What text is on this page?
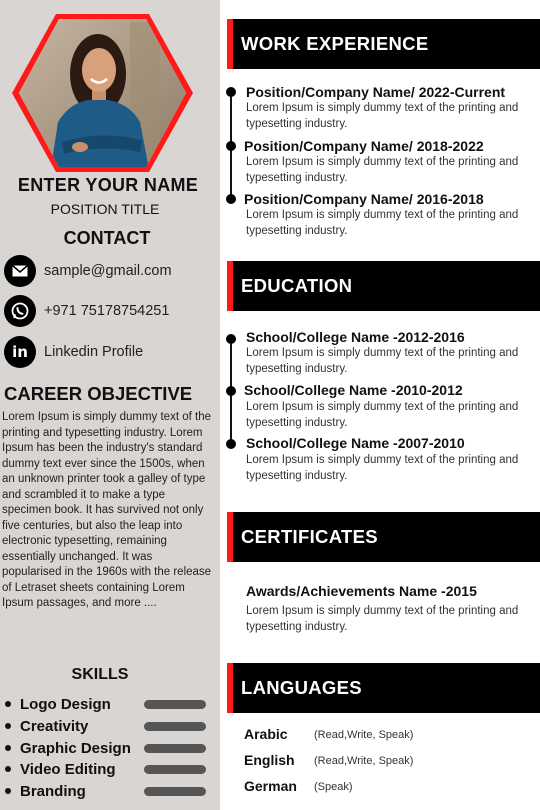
ENTER YOUR NAME
POSITION TITLE
CONTACT
sample@gmail.com
+971 75178754251
in	Linkedin Profile
CAREER OBJECTIVE
Lorem Ipsum is simply dummy text of the printing and typesetting industry. Lorem Ipsum has been the industry's standard dummy text ever since the 1500s, when an unknown printer took a galley of type and scrambled it to make a type specimen book. It has survived not only five centuries, but also the leap into electronic typesetting, remaining essentially unchanged. It was popularised in the 1960s with the release of Letraset sheets containing Lorem Ipsum passages, and more ....
SKILLS
Logo Design
Creativity
Graphic Design
Video Editing
Branding
WORK EXPERIENCE
Position/Company Name/ 2022-Current
Lorem Ipsum is simply dummy text of the printing and typesetting industry.
Position/Company Name/ 2018-2022
Lorem Ipsum is simply dummy text of the printing and typesetting industry.
Position/Company Name/ 2016-2018
Lorem Ipsum is simply dummy text of the printing and typesetting industry.
EDUCATION
School/College Name -2012-2016
Lorem Ipsum is simply dummy text of the printing and typesetting industry.
School/College Name -2010-2012
Lorem Ipsum is simply dummy text of the printing and typesetting industry.
School/College Name -2007-2010
Lorem Ipsum is simply dummy text of the printing and typesetting industry.
CERTIFICATES
Awards/Achievements Name -2015
Lorem Ipsum is simply dummy text of the printing and typesetting industry.
LANGUAGES
Arabic (Read,Write, Speak)
English (Read,Write, Speak)
German (Speak)
